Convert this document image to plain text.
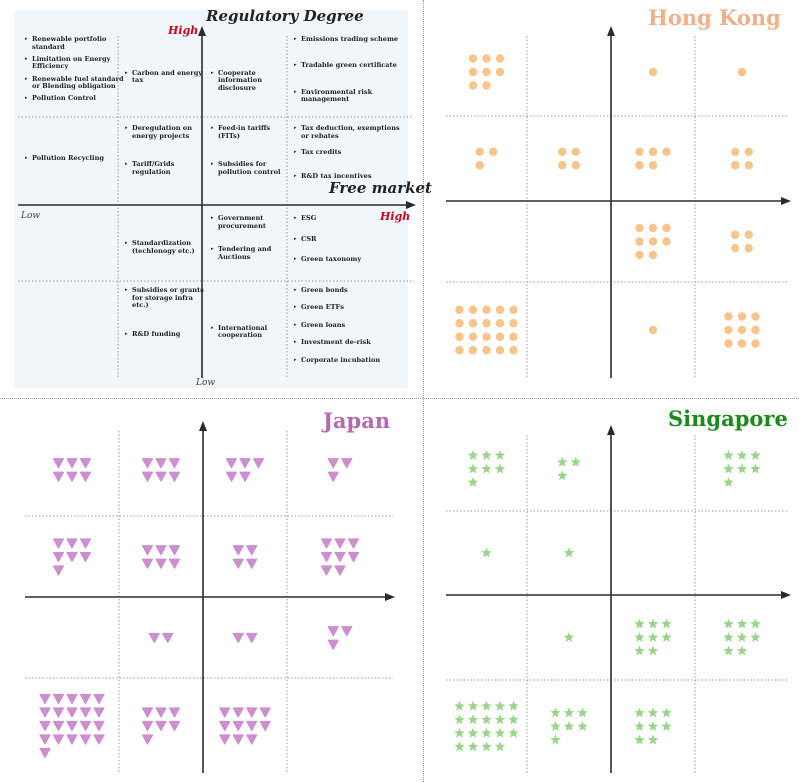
Regulatory Degree
High
Free market
Low	High
Low
▸ Renewable portfolio standard
▸ Limitation on Energy Efficiency
▸ Renewable fuel standard or Blending obligation
▸ Pollution Control
▸ Carbon and energy tax
▸ Cooperate information disclosure
▸ Emissions trading scheme
▸ Tradable green certificate
▸ Environmental risk management
▸ Pollution Recycling
▸ Deregulation on energy projects
▸ Tariff/Grids regulation
▸ Feed-in tariffs (FITs)
▸ Subsidies for pollution control
▸ Tax deduction, exemptions or rebates
▸ Tax credits
▸ R&D tax incentives
▸ Standardization (techlonogy etc.)
▸ Government procurement
▸ Tendering and Auctions
▸ ESG
▸ CSR
▸ Green taxonomy
▸ Subsidies or grants for storage infra etc.)
▸ R&D funding
▸ International cooperation
▸ Green bonds
▸ Green ETFs
▸ Green loans
▸ Investment de-risk
▸ Corporate incubation
Hong Kong
Japan	Singapore
